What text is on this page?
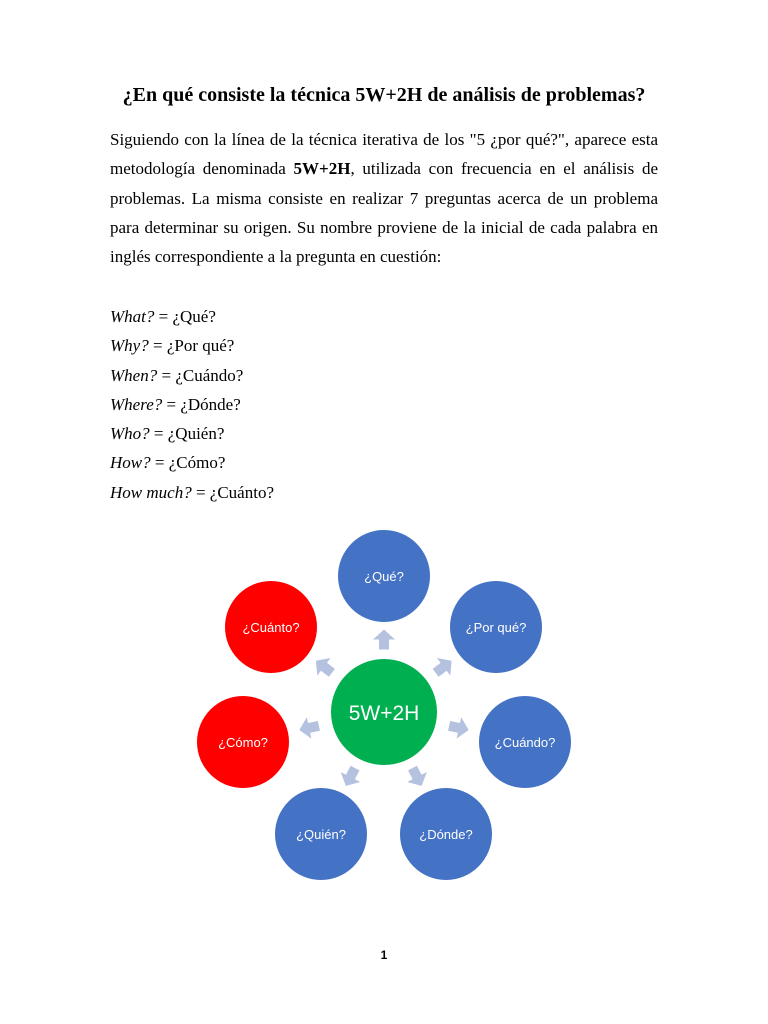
¿En qué consiste la técnica 5W+2H de análisis de problemas?

Siguiendo con la línea de la técnica iterativa de los "5 ¿por qué?", aparece esta metodología denominada 5W+2H, utilizada con frecuencia en el análisis de problemas. La misma consiste en realizar 7 preguntas acerca de un problema para determinar su origen. Su nombre proviene de la inicial de cada palabra en inglés correspondiente a la pregunta en cuestión:

What? = ¿Qué?
Why? = ¿Por qué?
When? = ¿Cuándo?
Where? = ¿Dónde?
Who? = ¿Quién?
How? = ¿Cómo?
How much? = ¿Cuánto?
¿Qué?
¿Por qué?
¿Cuándo?
¿Dónde?
¿Quién?
¿Cómo?
¿Cuánto?
5W+2H
1
